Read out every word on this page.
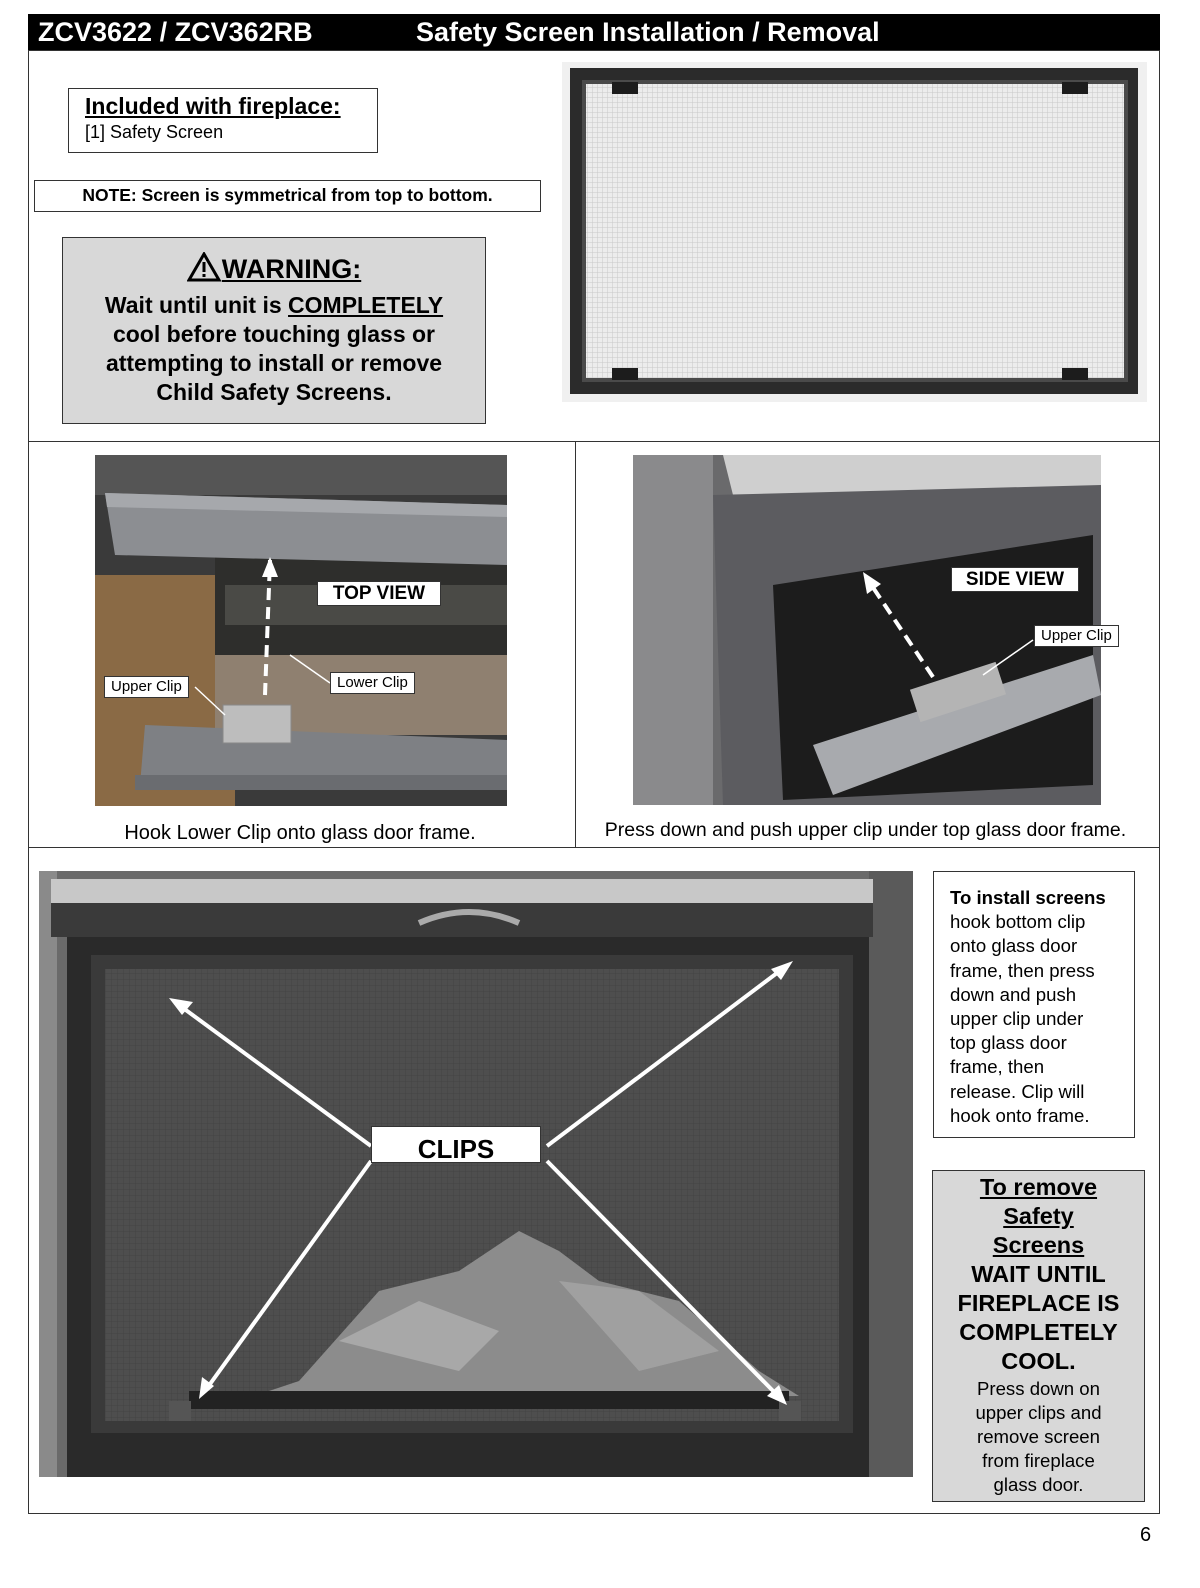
ZCV3622 / ZCV362RB	Safety Screen Installation / Removal
Included with fireplace:
[1] Safety Screen
NOTE: Screen is symmetrical from top to bottom.
WARNING:
Wait until unit is COMPLETELY
cool before touching glass or
attempting to install or remove
Child Safety Screens.
TOP VIEW
Upper Clip	Lower Clip
Hook Lower Clip onto glass door frame.
SIDE VIEW
Upper Clip
Press down and push upper clip under top glass door frame.
CLIPS
To install screens
hook bottom clip
onto glass door
frame, then press
down and push
upper clip under
top glass door
frame, then
release. Clip will
hook onto frame.
To remove
Safety
Screens
WAIT UNTIL
FIREPLACE IS
COMPLETELY
COOL.
Press down on
upper clips and
remove screen
from fireplace
glass door.
6
